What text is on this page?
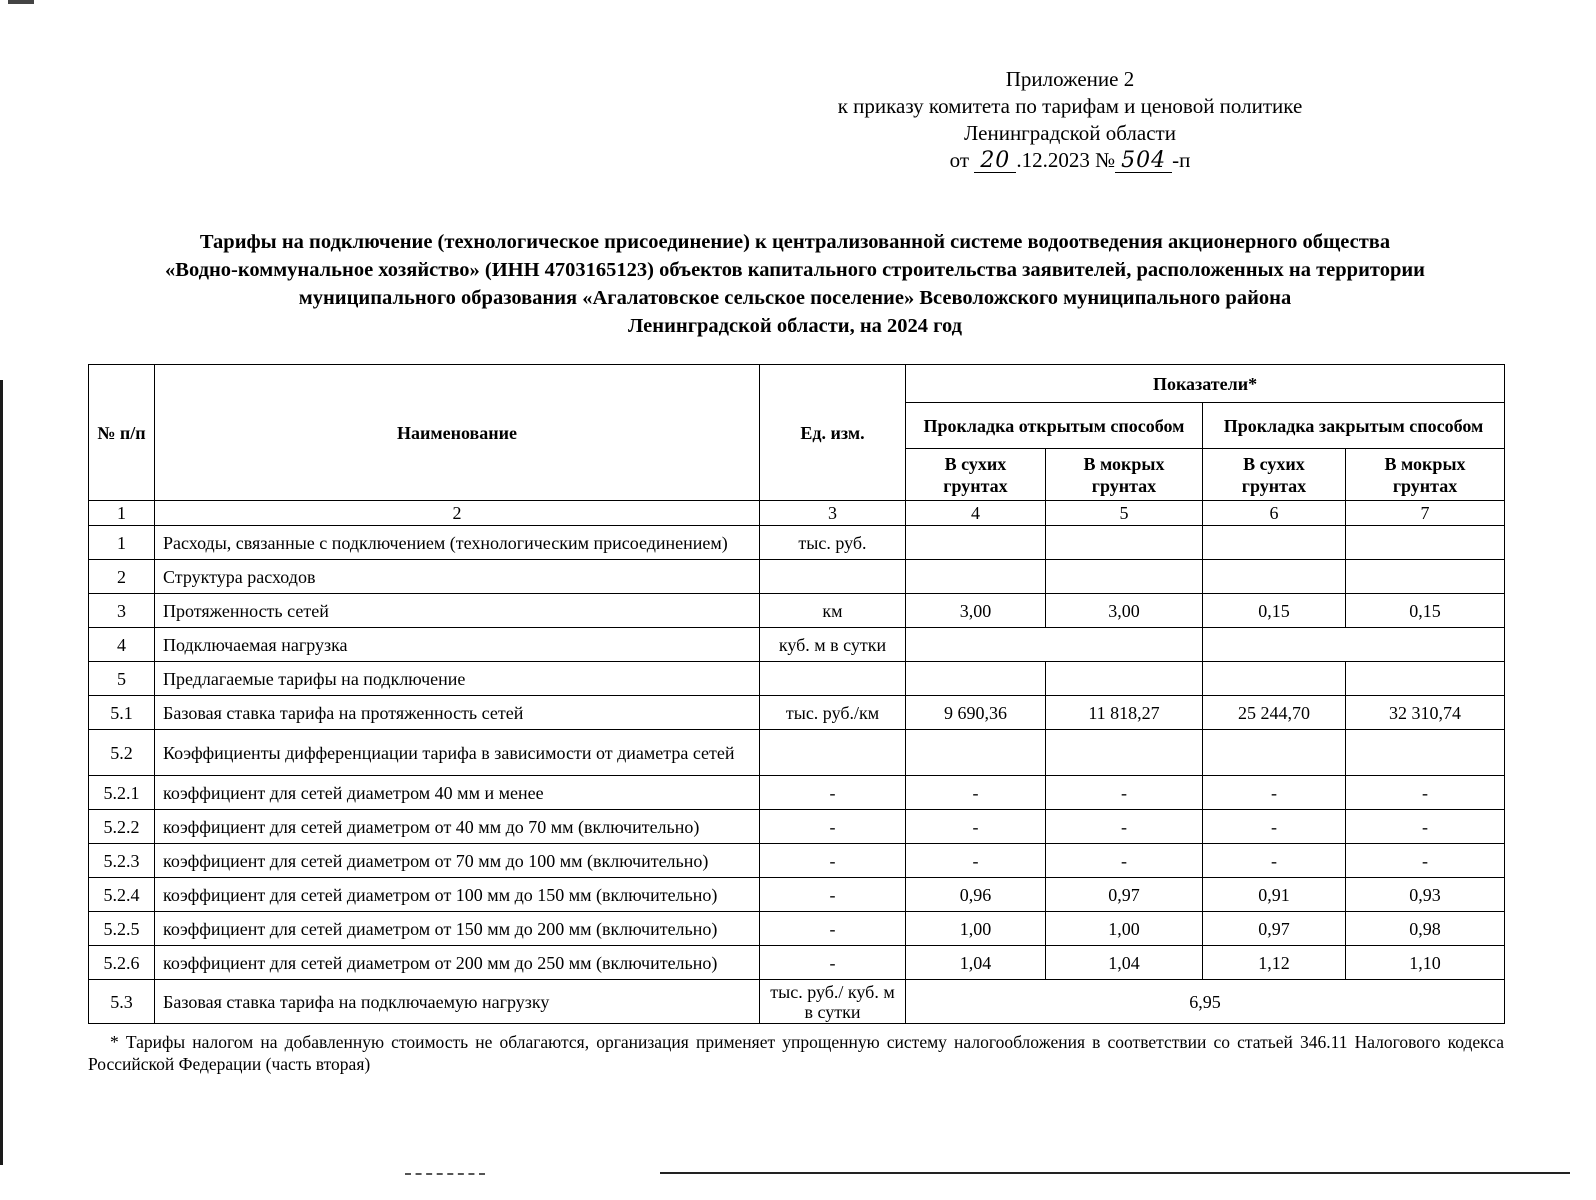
Приложение 2
к приказу комитета по тарифам и ценовой политике
Ленинградской области
от 20 .12.2023 № 504 -п
Тарифы на подключение (технологическое присоединение) к централизованной системе водоотведения акционерного общества
«Водно-коммунальное хозяйство» (ИНН 4703165123) объектов капитального строительства заявителей, расположенных на территории
муниципального образования «Агалатовское сельское поселение» Всеволожского муниципального района
Ленинградской области, на 2024 год
№ п/п	Наименование	Ед. изм.	Показатели*			
			Прокладка открытым способом		Прокладка закрытым способом	
			В сухих грунтах	В мокрых грунтах	В сухих грунтах	В мокрых грунтах
1	2	3	4	5	6	7
1	Расходы, связанные с подключением (технологическим присоединением)	тыс. руб.				
2	Структура расходов					
3	Протяженность сетей	км	3,00	3,00	0,15	0,15
4	Подключаемая нагрузка	куб. м в сутки				
5	Предлагаемые тарифы на подключение					
5.1	Базовая ставка тарифа на протяженность сетей	тыс. руб./км	9 690,36	11 818,27	25 244,70	32 310,74
5.2	Коэффициенты дифференциации тарифа в зависимости от диаметра сетей					
5.2.1	коэффициент для сетей диаметром 40 мм и менее	-	-	-	-	-
5.2.2	коэффициент для сетей диаметром от 40 мм до 70 мм (включительно)	-	-	-	-	-
5.2.3	коэффициент для сетей диаметром от 70 мм до 100 мм (включительно)	-	-	-	-	-
5.2.4	коэффициент для сетей диаметром от 100 мм до 150 мм (включительно)	-	0,96	0,97	0,91	0,93
5.2.5	коэффициент для сетей диаметром от 150 мм до 200 мм (включительно)	-	1,00	1,00	0,97	0,98
5.2.6	коэффициент для сетей диаметром от 200 мм до 250 мм (включительно)	-	1,04	1,04	1,12	1,10
5.3	Базовая ставка тарифа на подключаемую нагрузку	тыс. руб./ куб. м в сутки	6,95			
* Тарифы налогом на добавленную стоимость не облагаются, организация применяет упрощенную систему налогообложения в соответствии со статьей 346.11 Налогового кодекса Российской Федерации (часть вторая)
